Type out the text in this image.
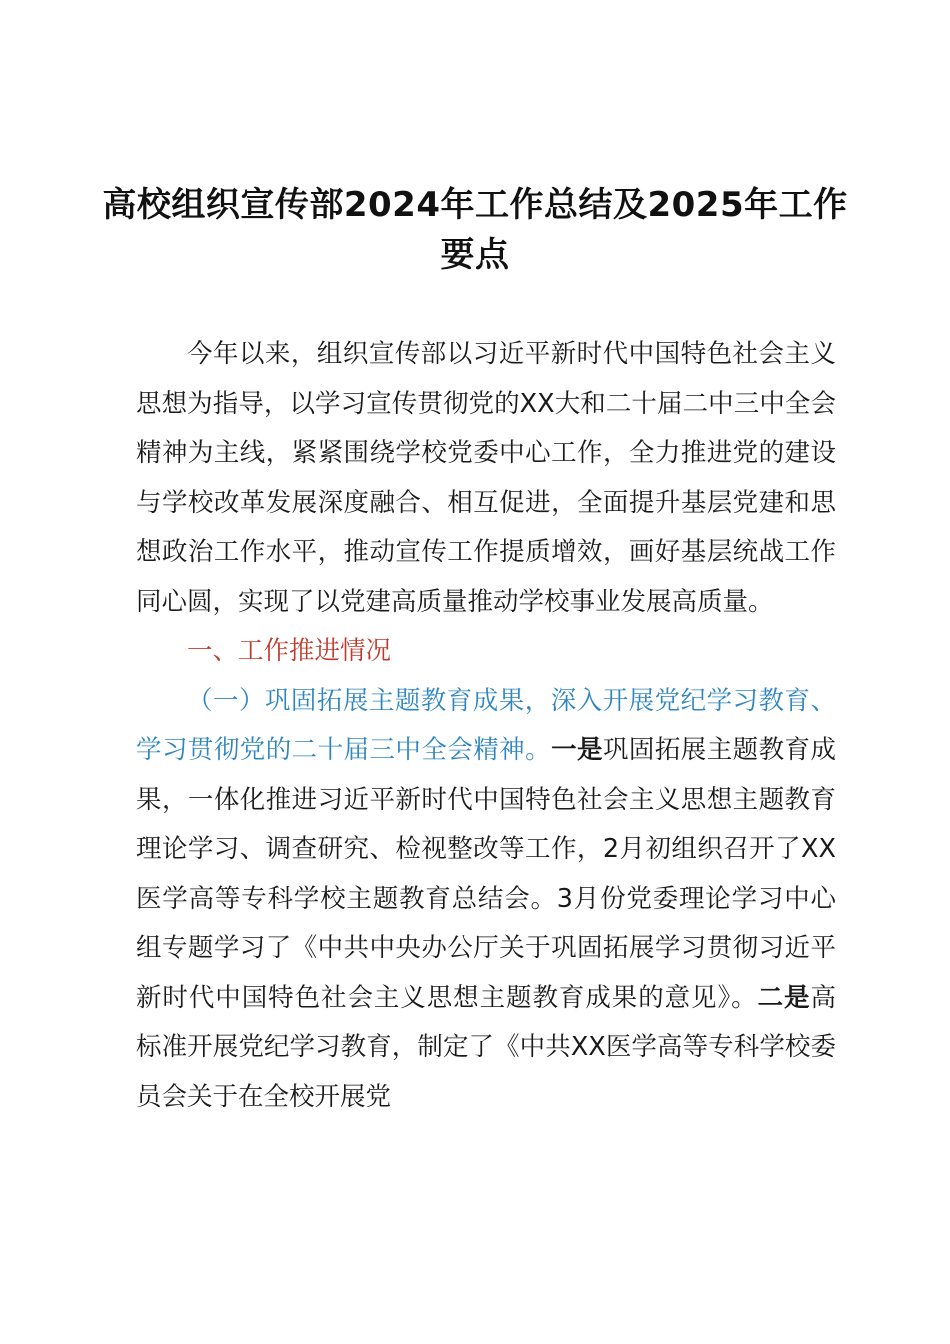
高校组织宣传部2024年工作总结及2025年工作要点

今年以来，组织宣传部以习近平新时代中国特色社会主义思想为指导，以学习宣传贯彻党的XX大和二十届二中三中全会精神为主线，紧紧围绕学校党委中心工作，全力推进党的建设与学校改革发展深度融合、相互促进，全面提升基层党建和思想政治工作水平，推动宣传工作提质增效，画好基层统战工作同心圆，实现了以党建高质量推动学校事业发展高质量。

一、工作推进情况

（一）巩固拓展主题教育成果，深入开展党纪学习教育、学习贯彻党的二十届三中全会精神。一是巩固拓展主题教育成果，一体化推进习近平新时代中国特色社会主义思想主题教育理论学习、调查研究、检视整改等工作，2月初组织召开了XX医学高等专科学校主题教育总结会。3月份党委理论学习中心组专题学习了《中共中央办公厅关于巩固拓展学习贯彻习近平新时代中国特色社会主义思想主题教育成果的意见》。二是高标准开展党纪学习教育，制定了《中共XX医学高等专科学校委员会关于在全校开展党
